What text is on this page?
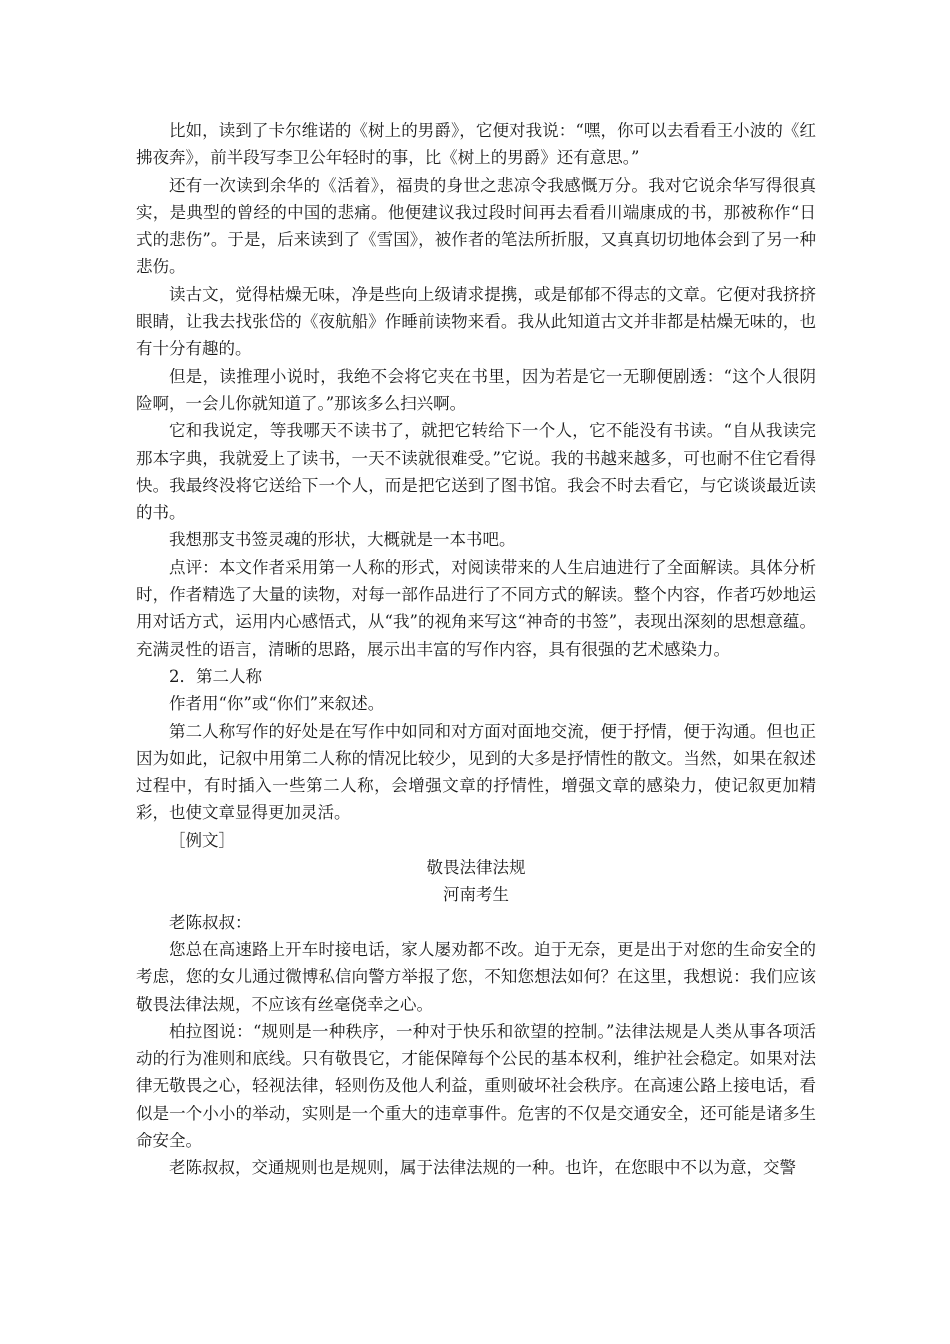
比如，读到了卡尔维诺的《树上的男爵》，它便对我说：“嘿，你可以去看看王小波的《红拂夜奔》，前半段写李卫公年轻时的事，比《树上的男爵》还有意思。”

还有一次读到余华的《活着》，福贵的身世之悲凉令我感慨万分。我对它说余华写得很真实，是典型的曾经的中国的悲痛。他便建议我过段时间再去看看川端康成的书，那被称作“日式的悲伤”。于是，后来读到了《雪国》，被作者的笔法所折服，又真真切切地体会到了另一种悲伤。

读古文，觉得枯燥无味，净是些向上级请求提携，或是郁郁不得志的文章。它便对我挤挤眼睛，让我去找张岱的《夜航船》作睡前读物来看。我从此知道古文并非都是枯燥无味的，也有十分有趣的。

但是，读推理小说时，我绝不会将它夹在书里，因为若是它一无聊便剧透：“这个人很阴险啊，一会儿你就知道了。”那该多么扫兴啊。

它和我说定，等我哪天不读书了，就把它转给下一个人，它不能没有书读。“自从我读完那本字典，我就爱上了读书，一天不读就很难受。”它说。我的书越来越多，可也耐不住它看得快。我最终没将它送给下一个人，而是把它送到了图书馆。我会不时去看它，与它谈谈最近读的书。

我想那支书签灵魂的形状，大概就是一本书吧。

点评：本文作者采用第一人称的形式，对阅读带来的人生启迪进行了全面解读。具体分析时，作者精选了大量的读物，对每一部作品进行了不同方式的解读。整个内容，作者巧妙地运用对话方式，运用内心感悟式，从“我”的视角来写这“神奇的书签”，表现出深刻的思想意蕴。充满灵性的语言，清晰的思路，展示出丰富的写作内容，具有很强的艺术感染力。

2．第二人称

作者用“你”或“你们”来叙述。

第二人称写作的好处是在写作中如同和对方面对面地交流，便于抒情，便于沟通。但也正因为如此，记叙中用第二人称的情况比较少，见到的大多是抒情性的散文。当然，如果在叙述过程中，有时插入一些第二人称，会增强文章的抒情性，增强文章的感染力，使记叙更加精彩，也使文章显得更加灵活。

［例文］

敬畏法律法规

河南考生

老陈叔叔：

您总在高速路上开车时接电话，家人屡劝都不改。迫于无奈，更是出于对您的生命安全的考虑，您的女儿通过微博私信向警方举报了您，不知您想法如何？在这里，我想说：我们应该敬畏法律法规，不应该有丝毫侥幸之心。

柏拉图说：“规则是一种秩序，一种对于快乐和欲望的控制。”法律法规是人类从事各项活动的行为准则和底线。只有敬畏它，才能保障每个公民的基本权利，维护社会稳定。如果对法律无敬畏之心，轻视法律，轻则伤及他人利益，重则破坏社会秩序。在高速公路上接电话，看似是一个小小的举动，实则是一个重大的违章事件。危害的不仅是交通安全，还可能是诸多生命安全。

老陈叔叔，交通规则也是规则，属于法律法规的一种。也许，在您眼中不以为意，交警
